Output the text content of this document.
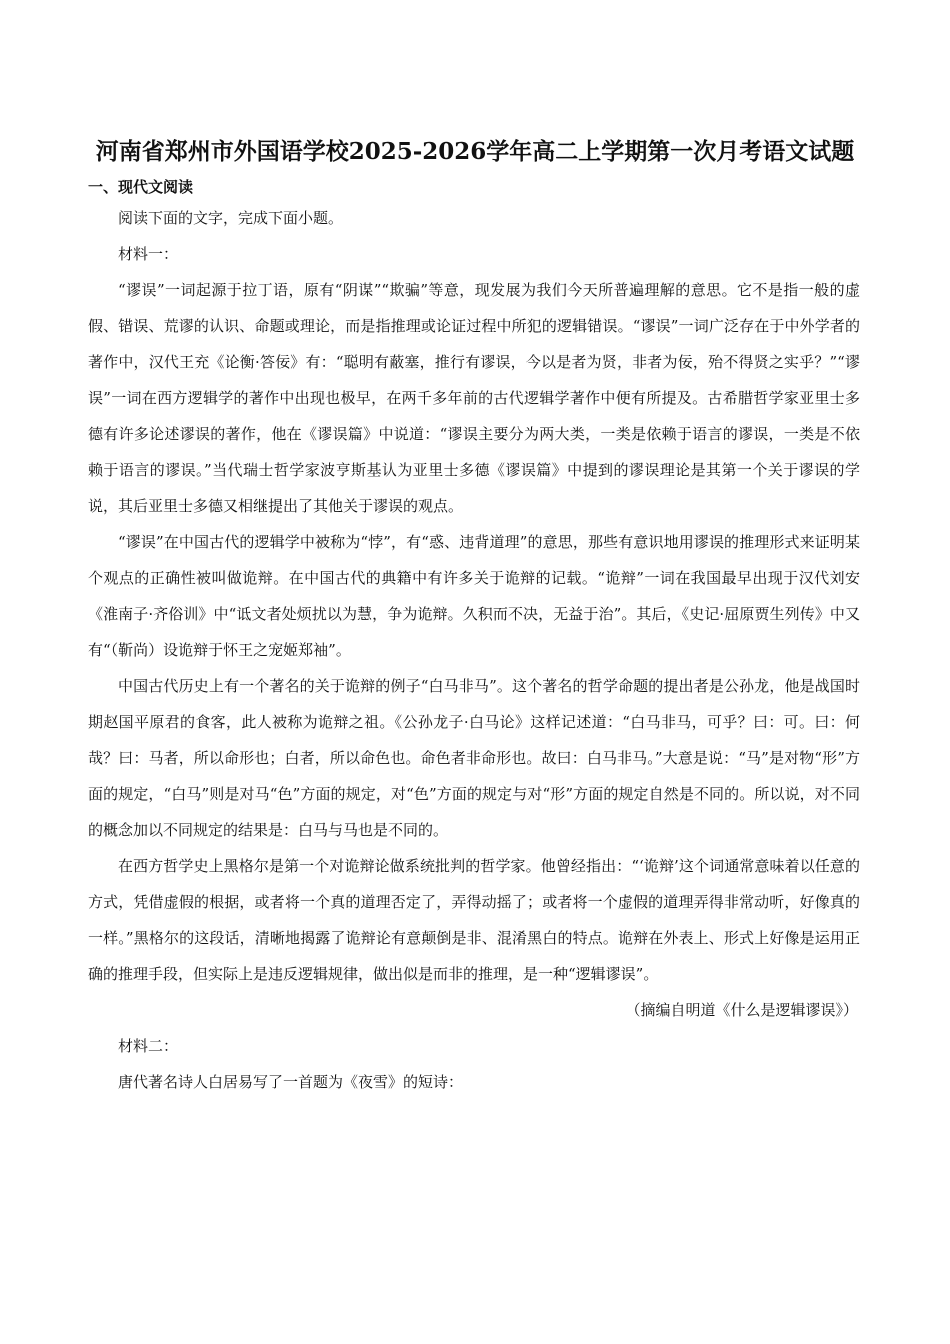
河南省郑州市外国语学校2025-2026学年高二上学期第一次月考语文试题
一、现代文阅读

阅读下面的文字，完成下面小题。

材料一：

“谬误”一词起源于拉丁语，原有“阴谋”“欺骗”等意，现发展为我们今天所普遍理解的意思。它不是指一般的虚假、错误、荒谬的认识、命题或理论，而是指推理或论证过程中所犯的逻辑错误。“谬误”一词广泛存在于中外学者的著作中，汉代王充《论衡·答佞》有：“聪明有蔽塞，推行有谬误，今以是者为贤，非者为佞，殆不得贤之实乎？”“谬误”一词在西方逻辑学的著作中出现也极早，在两千多年前的古代逻辑学著作中便有所提及。古希腊哲学家亚里士多德有许多论述谬误的著作，他在《谬误篇》中说道：“谬误主要分为两大类，一类是依赖于语言的谬误，一类是不依赖于语言的谬误。”当代瑞士哲学家波亨斯基认为亚里士多德《谬误篇》中提到的谬误理论是其第一个关于谬误的学说，其后亚里士多德又相继提出了其他关于谬误的观点。

“谬误”在中国古代的逻辑学中被称为“悖”，有“惑、违背道理”的意思，那些有意识地用谬误的推理形式来证明某个观点的正确性被叫做诡辩。在中国古代的典籍中有许多关于诡辩的记载。“诡辩”一词在我国最早出现于汉代刘安《淮南子·齐俗训》中“诋文者处烦扰以为慧，争为诡辩。久积而不决，无益于治”。其后，《史记·屈原贾生列传》中又有“（靳尚）设诡辩于怀王之宠姬郑袖”。

中国古代历史上有一个著名的关于诡辩的例子“白马非马”。这个著名的哲学命题的提出者是公孙龙，他是战国时期赵国平原君的食客，此人被称为诡辩之祖。《公孙龙子·白马论》这样记述道：“白马非马，可乎？曰：可。曰：何哉？曰：马者，所以命形也；白者，所以命色也。命色者非命形也。故曰：白马非马。”大意是说：“马”是对物“形”方面的规定，“白马”则是对马“色”方面的规定，对“色”方面的规定与对“形”方面的规定自然是不同的。所以说，对不同的概念加以不同规定的结果是：白马与马也是不同的。

在西方哲学史上黑格尔是第一个对诡辩论做系统批判的哲学家。他曾经指出：“‘诡辩’这个词通常意味着以任意的方式，凭借虚假的根据，或者将一个真的道理否定了，弄得动摇了；或者将一个虚假的道理弄得非常动听，好像真的一样。”黑格尔的这段话，清晰地揭露了诡辩论有意颠倒是非、混淆黑白的特点。诡辩在外表上、形式上好像是运用正确的推理手段，但实际上是违反逻辑规律，做出似是而非的推理，是一种“逻辑谬误”。

（摘编自明道《什么是逻辑谬误》）

材料二：

唐代著名诗人白居易写了一首题为《夜雪》的短诗：
